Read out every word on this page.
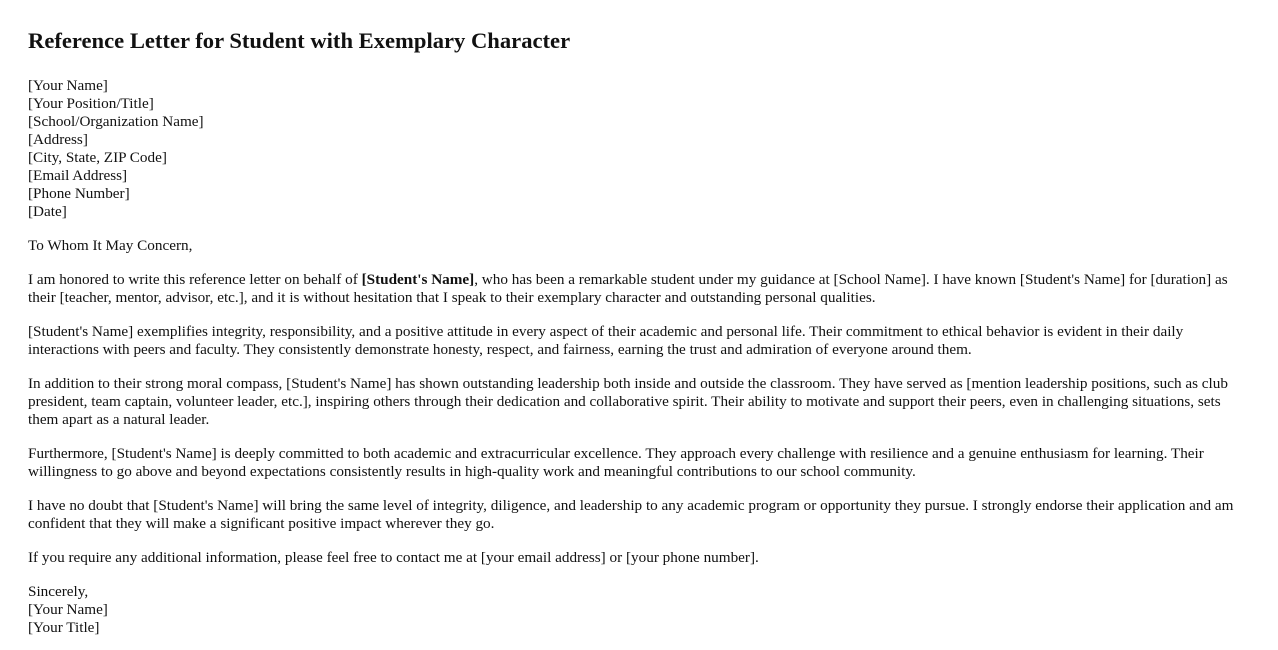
Reference Letter for Student with Exemplary Character
[Your Name]
[Your Position/Title]
[School/Organization Name]
[Address]
[City, State, ZIP Code]
[Email Address]
[Phone Number]
[Date]

To Whom It May Concern,

I am honored to write this reference letter on behalf of [Student's Name], who has been a remarkable student under my guidance at [School Name]. I have known [Student's Name] for [duration] as their [teacher, mentor, advisor, etc.], and it is without hesitation that I speak to their exemplary character and outstanding personal qualities.

[Student's Name] exemplifies integrity, responsibility, and a positive attitude in every aspect of their academic and personal life. Their commitment to ethical behavior is evident in their daily interactions with peers and faculty. They consistently demonstrate honesty, respect, and fairness, earning the trust and admiration of everyone around them.

In addition to their strong moral compass, [Student's Name] has shown outstanding leadership both inside and outside the classroom. They have served as [mention leadership positions, such as club president, team captain, volunteer leader, etc.], inspiring others through their dedication and collaborative spirit. Their ability to motivate and support their peers, even in challenging situations, sets them apart as a natural leader.

Furthermore, [Student's Name] is deeply committed to both academic and extracurricular excellence. They approach every challenge with resilience and a genuine enthusiasm for learning. Their willingness to go above and beyond expectations consistently results in high-quality work and meaningful contributions to our school community.

I have no doubt that [Student's Name] will bring the same level of integrity, diligence, and leadership to any academic program or opportunity they pursue. I strongly endorse their application and am confident that they will make a significant positive impact wherever they go.

If you require any additional information, please feel free to contact me at [your email address] or [your phone number].

Sincerely,
[Your Name]
[Your Title]
